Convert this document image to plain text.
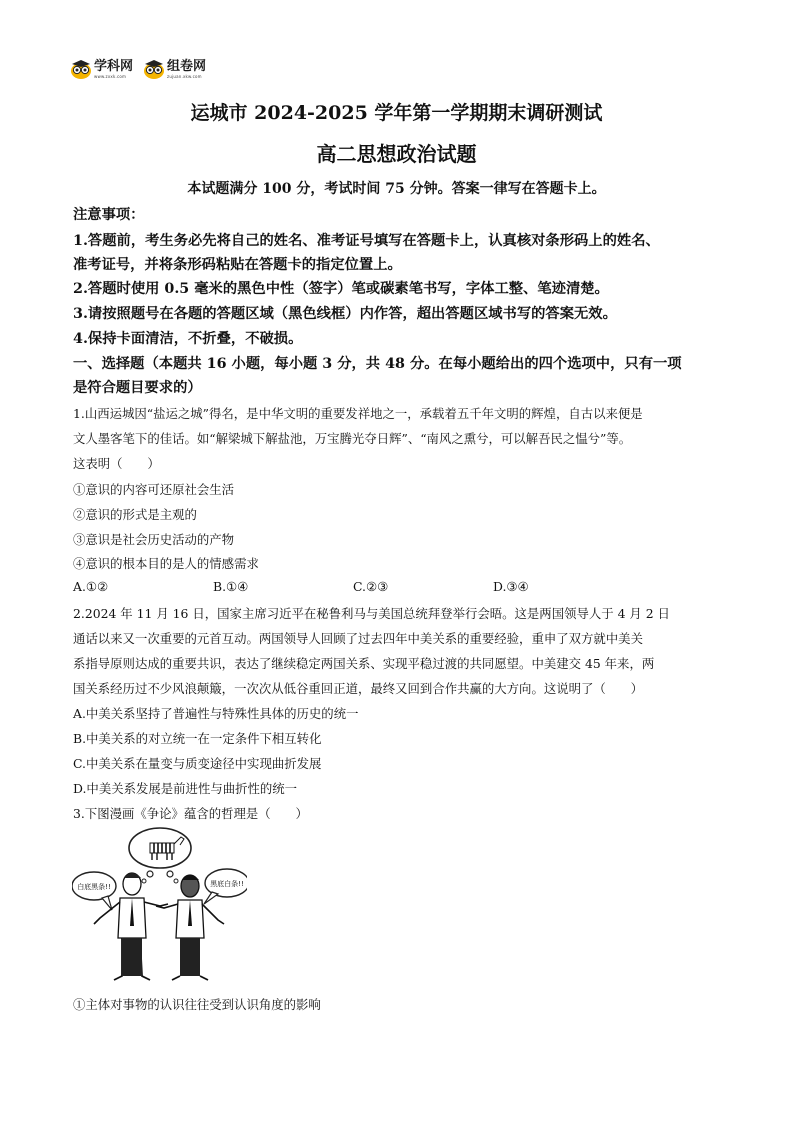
学科网
www.zxxk.com
组卷网
zujuan.xkw.com
运城市 2024-2025 学年第一学期期末调研测试
高二思想政治试题
本试题满分 100 分，考试时间 75 分钟。答案一律写在答题卡上。
注意事项：
1.答题前，考生务必先将自己的姓名、准考证号填写在答题卡上，认真核对条形码上的姓名、
准考证号，并将条形码粘贴在答题卡的指定位置上。
2.答题时使用 0.5 毫米的黑色中性（签字）笔或碳素笔书写，字体工整、笔迹清楚。
3.请按照题号在各题的答题区域（黑色线框）内作答，超出答题区域书写的答案无效。
4.保持卡面清洁，不折叠，不破损。
一、选择题（本题共 16 小题，每小题 3 分，共 48 分。在每小题给出的四个选项中，只有一项
是符合题目要求的）
1.山西运城因“盐运之城”得名，是中华文明的重要发祥地之一，承载着五千年文明的辉煌，自古以来便是
文人墨客笔下的佳话。如“解梁城下解盐池，万宝腾光夺日辉”、“南风之熏兮，可以解吾民之愠兮”等。
这表明（　　）
①意识的内容可还原社会生活
②意识的形式是主观的
③意识是社会历史活动的产物
④意识的根本目的是人的情感需求
A.①②	B.①④	C.②③	D.③④
2.2024 年 11 月 16 日，国家主席习近平在秘鲁利马与美国总统拜登举行会晤。这是两国领导人于 4 月 2 日
通话以来又一次重要的元首互动。两国领导人回顾了过去四年中美关系的重要经验，重申了双方就中美关
系指导原则达成的重要共识，表达了继续稳定两国关系、实现平稳过渡的共同愿望。中美建交 45 年来，两
国关系经历过不少风浪颠簸，一次次从低谷重回正道，最终又回到合作共赢的大方向。这说明了（　　）
A.中美关系坚持了普遍性与特殊性具体的历史的统一
B.中美关系的对立统一在一定条件下相互转化
C.中美关系在量变与质变途径中实现曲折发展
D.中美关系发展是前进性与曲折性的统一
3.下图漫画《争论》蕴含的哲理是（　　）
白底黑条!!	黑底白条!!
①主体对事物的认识往往受到认识角度的影响
